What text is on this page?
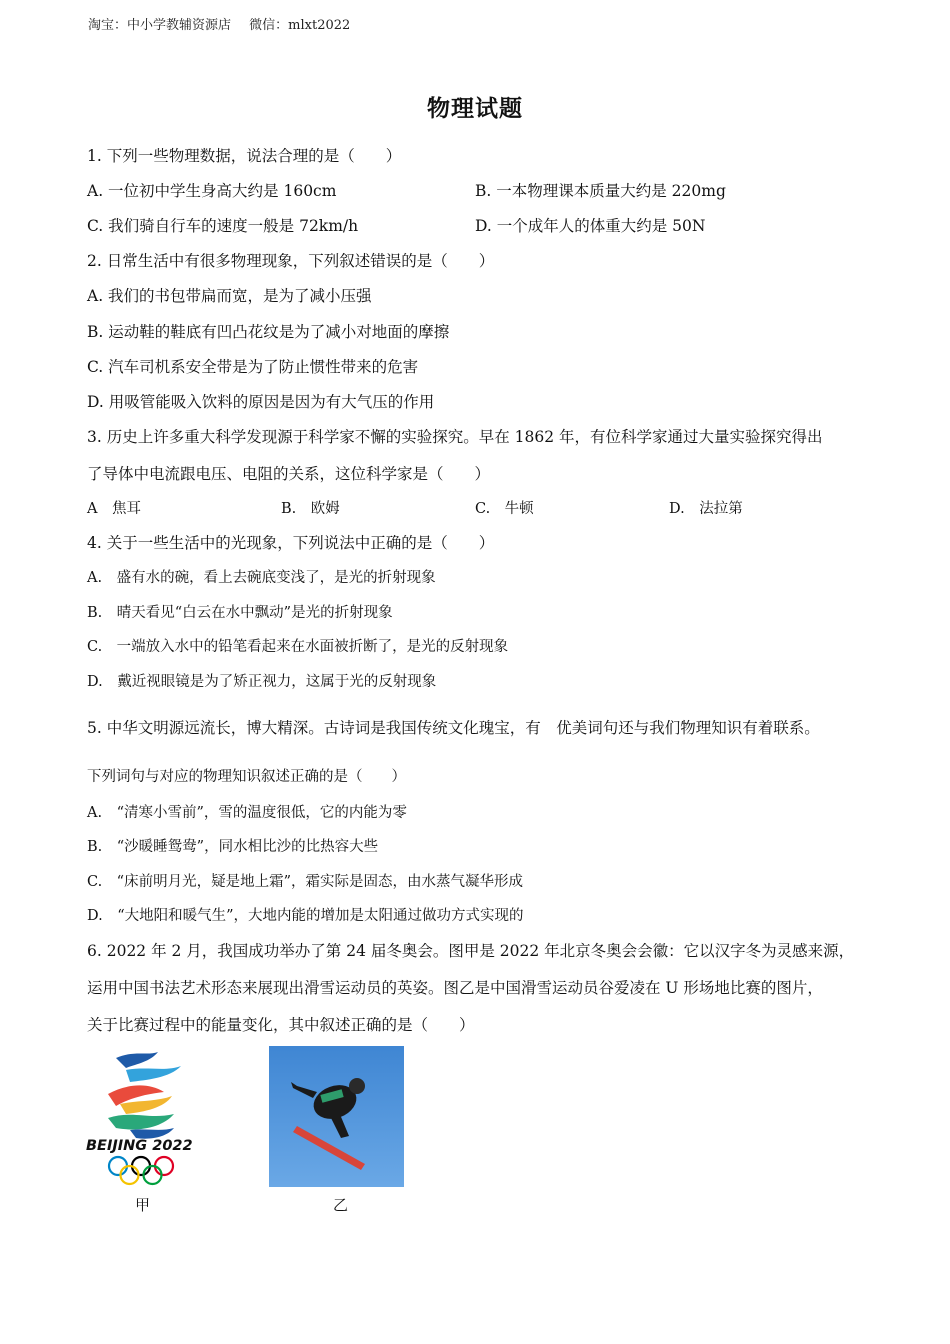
淘宝：中小学教辅资源店 微信：mlxt2022
物理试题
1. 下列一些物理数据，说法合理的是（　　）
A. 一位初中学生身高大约是 160cm	B. 一本物理课本质量大约是 220mg
C. 我们骑自行车的速度一般是 72km/h	D. 一个成年人的体重大约是 50N
2. 日常生活中有很多物理现象，下列叙述错误的是（　　）
A. 我们的书包带扁而宽，是为了减小压强
B. 运动鞋的鞋底有凹凸花纹是为了减小对地面的摩擦
C. 汽车司机系安全带是为了防止惯性带来的危害
D. 用吸管能吸入饮料的原因是因为有大气压的作用
3. 历史上许多重大科学发现源于科学家不懈的实验探究。早在 1862 年，有位科学家通过大量实验探究得出
了导体中电流跟电压、电阻的关系，这位科学家是（　　）
A　焦耳	B.　欧姆	C.　牛顿	D.　法拉第
4. 关于一些生活中的光现象，下列说法中正确的是（　　）
A.　盛有水的碗，看上去碗底变浅了，是光的折射现象
B.　晴天看见“白云在水中飘动”是光的折射现象
C.　一端放入水中的铅笔看起来在水面被折断了，是光的反射现象
D.　戴近视眼镜是为了矫正视力，这属于光的反射现象
5. 中华文明源远流长，博大精深。古诗词是我国传统文化瑰宝，有　优美词句还与我们物理知识有着联系。
下列词句与对应的物理知识叙述正确的是（　　）
A.　“清寒小雪前”，雪的温度很低，它的内能为零
B.　“沙暖睡鸳鸯”，同水相比沙的比热容大些
C.　“床前明月光，疑是地上霜”，霜实际是固态，由水蒸气凝华形成
D.　“大地阳和暖气生”，大地内能的增加是太阳通过做功方式实现的
6. 2022 年 2 月，我国成功举办了第 24 届冬奥会。图甲是 2022 年北京冬奥会会徽：它以汉字冬为灵感来源，
运用中国书法艺术形态来展现出滑雪运动员的英姿。图乙是中国滑雪运动员谷爱凌在 U 形场地比赛的图片，
关于比赛过程中的能量变化，其中叙述正确的是（　　）
BEIJING 2022
甲	乙
